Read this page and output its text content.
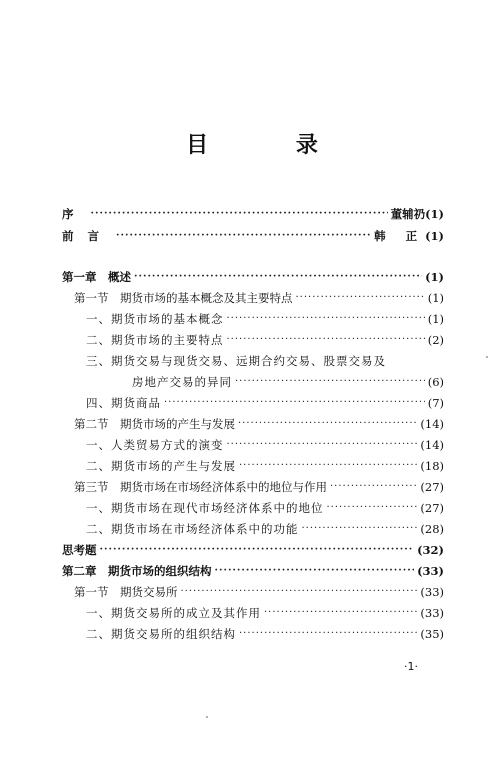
目 录
序 ·····	董辅礽(1)
前言 ·····	韩 正(1)
第一章　概述 ·····	(1)
第一节　期货市场的基本概念及其主要特点 ·····	(1)
一、期货市场的基本概念 ·····	(1)
二、期货市场的主要特点 ·····	(2)
三、期货交易与现货交易、远期合约交易、股票交易及
房地产交易的异同 ·····	(6)
四、期货商品 ·····	(7)
第二节　期货市场的产生与发展 ·····	(14)
一、人类贸易方式的演变 ·····	(14)
二、期货市场的产生与发展 ·····	(18)
第三节　期货市场在市场经济体系中的地位与作用 ·····	(27)
一、期货市场在现代市场经济体系中的地位 ·····	(27)
二、期货市场在市场经济体系中的功能 ·····	(28)
思考题 ·····	(32)
第二章　期货市场的组织结构 ·····	(33)
第一节　期货交易所 ·····	(33)
一、期货交易所的成立及其作用 ·····	(33)
二、期货交易所的组织结构 ·····	(35)
·1·
